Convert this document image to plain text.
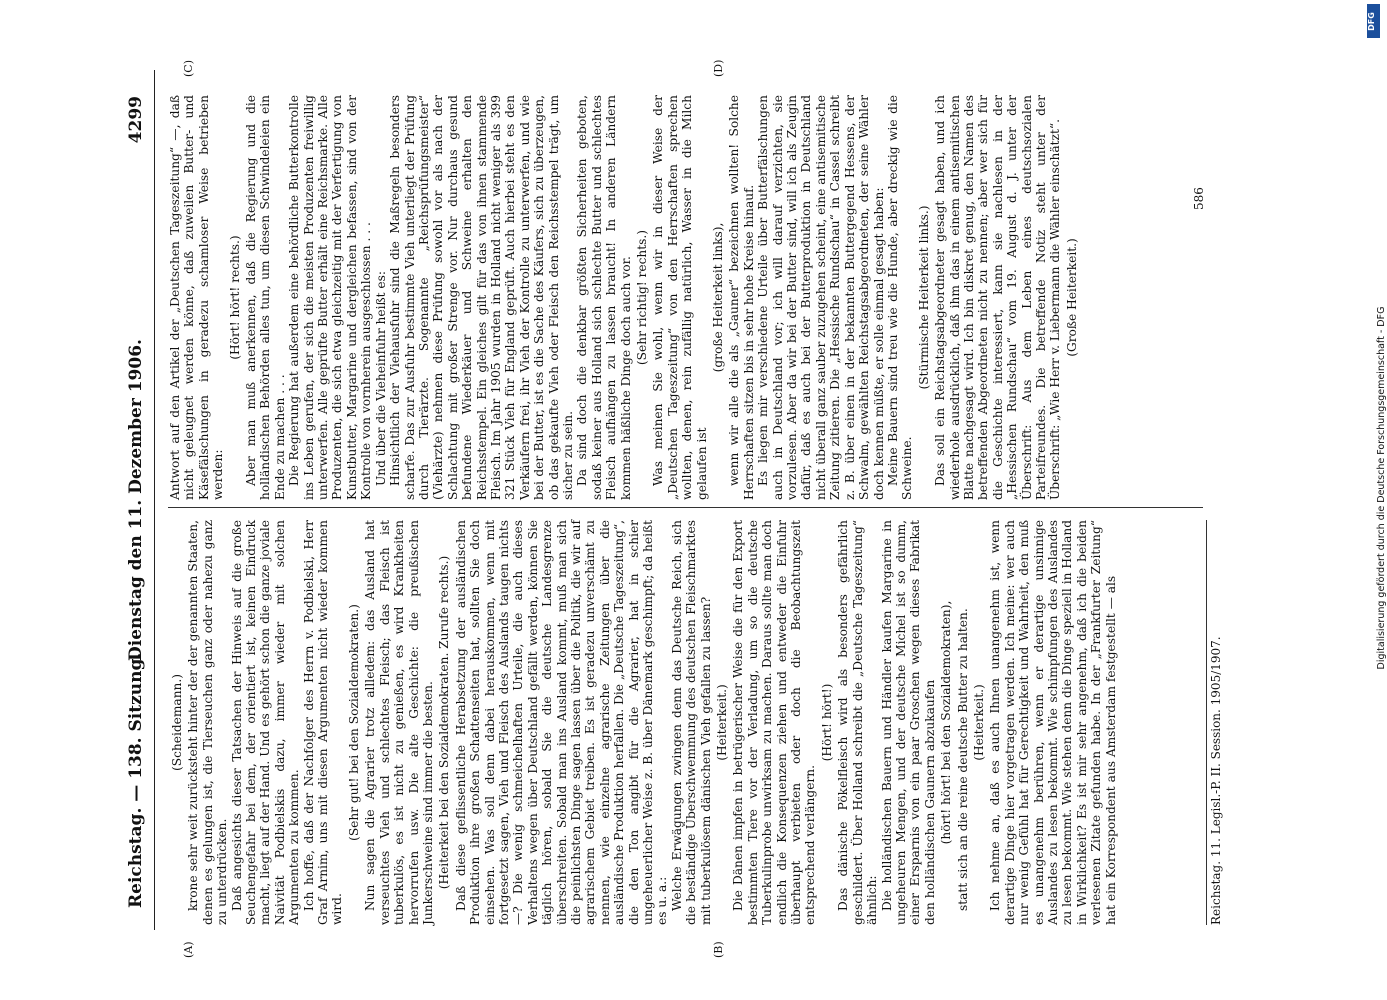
Reichstag. — 138. Sitzung.
Dienstag den 11. Dezember 1906.
4299
(A)	(B)
(C)	(D)

(Scheidemann.) krone sehr weit zurücksteht hinter der der genannten Staaten, denen es gelungen ist, die Tierseuchen ganz oder nahezu ganz zu unterdrücken. Daß angesichts dieser Tatsachen der Hinweis auf die große Seuchengefahr bei dem, der orientiert ist, keinen Eindruck macht, liegt auf der Hand. Und es gehört schon die ganze joviale Naivität Podbielskis dazu, immer wieder mit solchen Argumenten zu kommen. Ich hoffe, daß der Nachfolger des Herrn v. Podbielski, Herr Graf Arnim, uns mit diesen Argumenten nicht wieder kommen wird.

(Sehr gut! bei den Sozialdemokraten.) Nun sagen die Agrarier trotz allledem: das Ausland hat verseuchtes Vieh und schlechtes Fleisch; das Fleisch ist tuberkulös, es ist nicht zu genießen, es wird Krankheiten hervorrufen usw. Die alte Geschichte: die preußischen Junkerschweine sind immer die besten. (Heiterkeit bei den Sozialdemokraten. Zurufe rechts.) Daß diese geflissentliche Herabsetzung der ausländischen Produktion ihre großen Schattenseiten hat, sollten Sie doch einsehen. Was soll denn dabei herauskommen, wenn mit fortgesetzt sagen, Vieh und Fleisch des Auslands taugen nichts —? Die wenig schmeichelhaften Urteile, die auch dieses Verhaltens wegen über Deutschland gefällt werden, können Sie täglich hören, sobald Sie die deutsche Landesgrenze überschreiten. Sobald man ins Ausland kommt, muß man sich die peinlichsten Dinge sagen lassen über die Politik, die wir auf agrarischem Gebiet treiben. Es ist geradezu unverschämt zu nennen, wie einzelne agrarische Zeitungen über die ausländische Produktion herfallen. Die „Deutsche Tageszeitung“, die den Ton angibt für die Agrarier, hat in schier ungeheuerlicher Weise z. B. über Dänemark geschimpft; da heißt es u. a.: Welche Erwägungen zwingen denn das Deutsche Reich, sich die beständige Überschwemmung des deutschen Fleischmarktes mit tuberkulösem dänischen Vieh gefallen zu lassen? (Heiterkeit.) Die Dänen impfen in betrügerischer Weise die für den Export bestimmten Tiere vor der Verladung, um so die deutsche Tuberkulinprobe unwirksam zu machen. Daraus sollte man doch endlich die Konsequenzen ziehen und entweder die Einfuhr überhaupt verbieten oder doch die Beobachtungszeit entsprechend verlängern.

(Hört! hört!) Das dänische Pökelfleisch wird als besonders gefährlich geschildert. Über Holland schreibt die „Deutsche Tageszeitung“ ähnlich: Die holländischen Bauern und Händler kaufen Margarine in ungeheuren Mengen, und der deutsche Michel ist so dumm, einer Ersparnis von ein paar Groschen wegen dieses Fabrikat den holländischen Gaunern abzukaufen (hört! hört! bei den Sozialdemokraten), statt sich an die reine deutsche Butter zu halten. (Heiterkeit.) Ich nehme an, daß es auch Ihnen unangenehm ist, wenn derartige Dinge hier vorgetragen werden. Ich meine: wer auch nur wenig Gefühl hat für Gerechtigkeit und Wahrheit, den muß es unangenehm berühren, wenn er derartige unsinnige Auslandes zu lesen bekommt. Wie schimpfungen des Auslandes zu lesen bekommt. Wie stehen denn die Dinge speziell in Holland in Wirklichkeit? Es ist mir sehr angenehm, daß ich die beiden verlesenen Zitate gefunden habe. In der „Frankfurter Zeitung“ hat ein Korrespondent aus Amsterdam festgestellt — als

Antwort auf den Artikel der „Deutschen Tageszeitung“ —, daß nicht geleugnet werden könne, daß zuweilen Butter- und Käsefälschungen in geradezu schamloser Weise betrieben werden:

(Hört! hört! rechts.) Aber man muß anerkennen, daß die Regierung und die holländischen Behörden alles tun, um diesen Schwindeleien ein Ende zu machen . . . Die Regierung hat außerdem eine behördliche Butterkontrolle ins Leben gerufen, der sich die meisten Produzenten freiwillig unterwerfen. Alle geprüfte Butter erhält eine Reichsmarke. Alle Produzenten, die sich etwa gleichzeitig mit der Verfertigung von Kunstbutter, Margarine und dergleichen befassen, sind von der Kontrolle von vornherein ausgeschlossen . . . Und über die Vieheinfuhr heißt es: Hinsichtlich der Viehausfuhr sind die Maßregeln besonders scharfe. Das zur Ausfuhr bestimmte Vieh unterliegt der Prüfung durch Tierärzte. Sogenannte „Reichsprüfungsmeister“ (Viehärzte) nehmen diese Prüfung sowohl vor als nach der Schlachtung mit großer Strenge vor. Nur durchaus gesund befundene Wiederkäuer und Schweine erhalten den Reichsstempel. Ein gleiches gilt für das von ihnen stammende Fleisch. Im Jahr 1905 wurden in Holland nicht weniger als 399 321 Stück Vieh für England geprüft. Auch hierbei steht es den Verkäufern frei, ihr Vieh der Kontrolle zu unterwerfen, und wie bei der Butter, ist es die Sache des Käufers, sich zu überzeugen, ob das gekaufte Vieh oder Fleisch den Reichsstempel trägt, um sicher zu sein. Da sind doch die denkbar größten Sicherheiten geboten, sodaß keiner aus Holland sich schlechte Butter und schlechtes Fleisch aufhängen zu lassen braucht! In anderen Ländern kommen häßliche Dinge doch auch vor. (Sehr richtig! rechts.) Was meinen Sie wohl, wenn wir in dieser Weise der „Deutschen Tageszeitung“ von den Herrschaften sprechen wollten, denen, rein zufällig natürlich, Wasser in die Milch gelaufen ist

(große Heiterkeit links), wenn wir alle die als „Gauner“ bezeichnen wollten! Solche Herrschaften sitzen bis in sehr hohe Kreise hinauf. Es liegen mir verschiedene Urteile über Butterfälschungen auch in Deutschland vor; ich will darauf verzichten, sie vorzulesen. Aber da wir bei der Butter sind, will ich als Zeugin dafür, daß es auch bei der Butterproduktion in Deutschland nicht überall ganz sauber zuzugehen scheint, eine antisemitische Zeitung zitieren. Die „Hessische Rundschau“ in Cassel schreibt z. B. über einen in der bekannten Buttergegend Hessens, der Schwalm, gewählten Reichstagsabgeordneten, der seine Wähler doch kennen müßte, er solle einmal gesagt haben: Meine Bauern sind treu wie die Hunde, aber dreckig wie die Schweine.

(Stürmische Heiterkeit links.) Das soll ein Reichstagsabgeordneter gesagt haben, und ich wiederhole ausdrücklich, daß ihm das in einem antisemitischen Blatte nachgesagt wird. Ich bin diskret genug, den Namen des betreffenden Abgeordneten nicht zu nennen; aber wer sich für die Geschichte interessiert, kann sie nachlesen in der „Hessischen Rundschau“ vom 19. August d. J. unter der Überschrift: Aus dem Leben eines deutschsozialen Parteifreundes. Die betreffende Notiz steht unter der Überschrift: „Wie Herr v. Liebermann die Wähler einschätzt“. (Große Heiterkeit.)

Reichstag. 11. Legisl.-P. II. Session. 1905/1907.
586
Digitalisierung gefördert durch die Deutsche Forschungsgemeinschaft - DFG
DFG
